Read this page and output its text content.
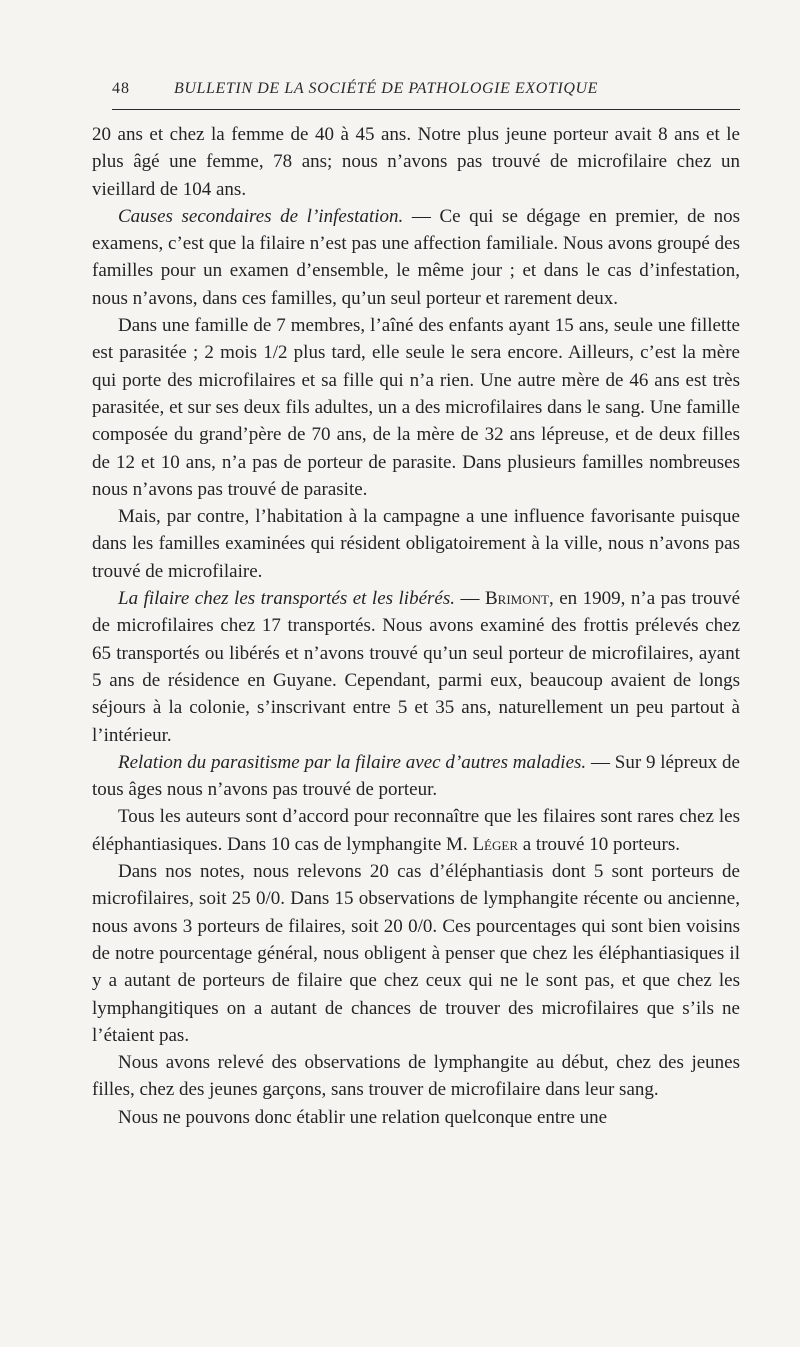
48	BULLETIN DE LA SOCIÉTÉ DE PATHOLOGIE EXOTIQUE

20 ans et chez la femme de 40 à 45 ans. Notre plus jeune porteur avait 8 ans et le plus âgé une femme, 78 ans; nous n’avons pas trouvé de microfilaire chez un vieillard de 104 ans.

Causes secondaires de l’infestation. — Ce qui se dégage en premier, de nos examens, c’est que la filaire n’est pas une affection familiale. Nous avons groupé des familles pour un examen d’ensemble, le même jour ; et dans le cas d’infestation, nous n’avons, dans ces familles, qu’un seul porteur et rarement deux.

Dans une famille de 7 membres, l’aîné des enfants ayant 15 ans, seule une fillette est parasitée ; 2 mois 1/2 plus tard, elle seule le sera encore. Ailleurs, c’est la mère qui porte des microfilaires et sa fille qui n’a rien. Une autre mère de 46 ans est très parasitée, et sur ses deux fils adultes, un a des microfilaires dans le sang. Une famille composée du grand’père de 70 ans, de la mère de 32 ans lépreuse, et de deux filles de 12 et 10 ans, n’a pas de porteur de parasite. Dans plusieurs familles nombreuses nous n’avons pas trouvé de parasite.

Mais, par contre, l’habitation à la campagne a une influence favorisante puisque dans les familles examinées qui résident obligatoirement à la ville, nous n’avons pas trouvé de microfilaire.

La filaire chez les transportés et les libérés. — Brimont, en 1909, n’a pas trouvé de microfilaires chez 17 transportés. Nous avons examiné des frottis prélevés chez 65 transportés ou libérés et n’avons trouvé qu’un seul porteur de microfilaires, ayant 5 ans de résidence en Guyane. Cependant, parmi eux, beaucoup avaient de longs séjours à la colonie, s’inscrivant entre 5 et 35 ans, naturellement un peu partout à l’intérieur.

Relation du parasitisme par la filaire avec d’autres maladies. — Sur 9 lépreux de tous âges nous n’avons pas trouvé de porteur.

Tous les auteurs sont d’accord pour reconnaître que les filaires sont rares chez les éléphantiasiques. Dans 10 cas de lymphangite M. Léger a trouvé 10 porteurs.

Dans nos notes, nous relevons 20 cas d’éléphantiasis dont 5 sont porteurs de microfilaires, soit 25 0/0. Dans 15 observations de lymphangite récente ou ancienne, nous avons 3 porteurs de filaires, soit 20 0/0. Ces pourcentages qui sont bien voisins de notre pourcentage général, nous obligent à penser que chez les éléphantiasiques il y a autant de porteurs de filaire que chez ceux qui ne le sont pas, et que chez les lymphangitiques on a autant de chances de trouver des microfilaires que s’ils ne l’étaient pas.

Nous avons relevé des observations de lymphangite au début, chez des jeunes filles, chez des jeunes garçons, sans trouver de microfilaire dans leur sang.

Nous ne pouvons donc établir une relation quelconque entre une
